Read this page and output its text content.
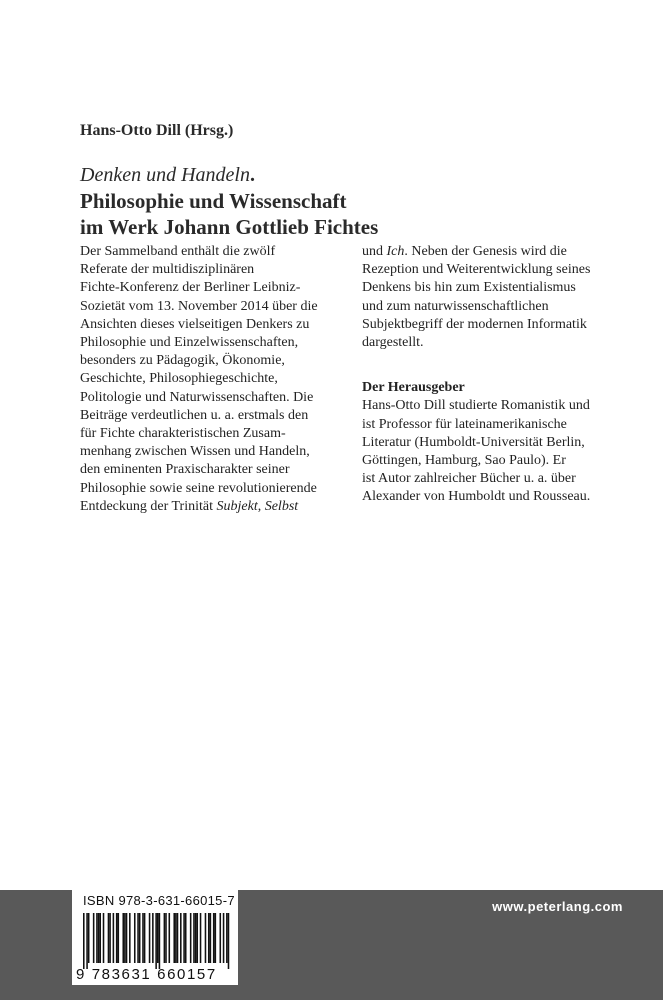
Hans-Otto Dill (Hrsg.)
Denken und Handeln.
Philosophie und Wissenschaft
im Werk Johann Gottlieb Fichtes
Der Sammelband enthält die zwölf
Referate der multidisziplinären
Fichte-Konferenz der Berliner Leibniz-
Sozietät vom 13. November 2014 über die
Ansichten dieses vielseitigen Denkers zu
Philosophie und Einzelwissenschaften,
besonders zu Pädagogik, Ökonomie,
Geschichte, Philosophiegeschichte,
Politologie und Naturwissenschaften. Die
Beiträge verdeutlichen u. a. erstmals den
für Fichte charakteristischen Zusam-
menhang zwischen Wissen und Handeln,
den eminenten Praxischarakter seiner
Philosophie sowie seine revolutionierende
Entdeckung der Trinität Subjekt, Selbst
und Ich. Neben der Genesis wird die
Rezeption und Weiterentwicklung seines
Denkens bis hin zum Existentialismus
und zum naturwissenschaftlichen
Subjektbegriff der modernen Informatik
dargestellt.
Der Herausgeber
Hans-Otto Dill studierte Romanistik und
ist Professor für lateinamerikanische
Literatur (Humboldt-Universität Berlin,
Göttingen, Hamburg, Sao Paulo). Er
ist Autor zahlreicher Bücher u. a. über
Alexander von Humboldt und Rousseau.
www.peterlang.com
ISBN 978-3-631-66015-7
9 783631 660157
